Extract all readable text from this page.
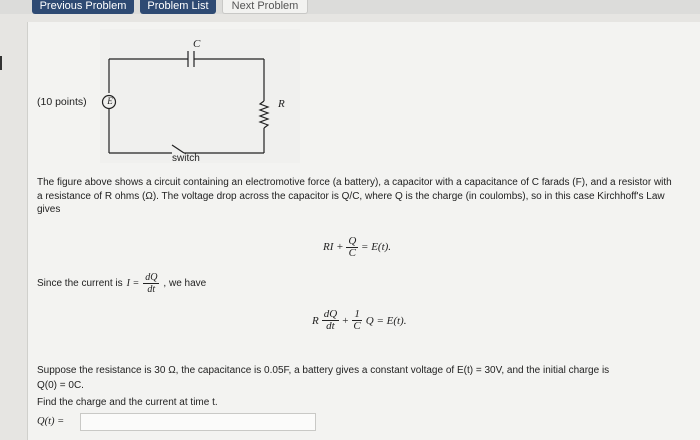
Previous Problem	Problem List	Next Problem
C
R
E
switch
(10 points)
The figure above shows a circuit containing an electromotive force (a battery), a capacitor with a capacitance of C farads (F), and a resistor with a resistance of R ohms (Ω). The voltage drop across the capacitor is Q/C, where Q is the charge (in coulombs), so in this case Kirchhoff's Law gives
RI + $\frac{Q}{C} = E(t)$.
Since the current is $I = \frac{dQ}{dt}$ , we have
R $\frac{dQ}{dt} + \frac{1}{C}$ Q = E(t).
Suppose the resistance is 30 Ω, the capacitance is 0.05F, a battery gives a constant voltage of E(t) = 30V, and the initial charge is
Q(0) = 0C.
Find the charge and the current at time t.
Q(t) =
